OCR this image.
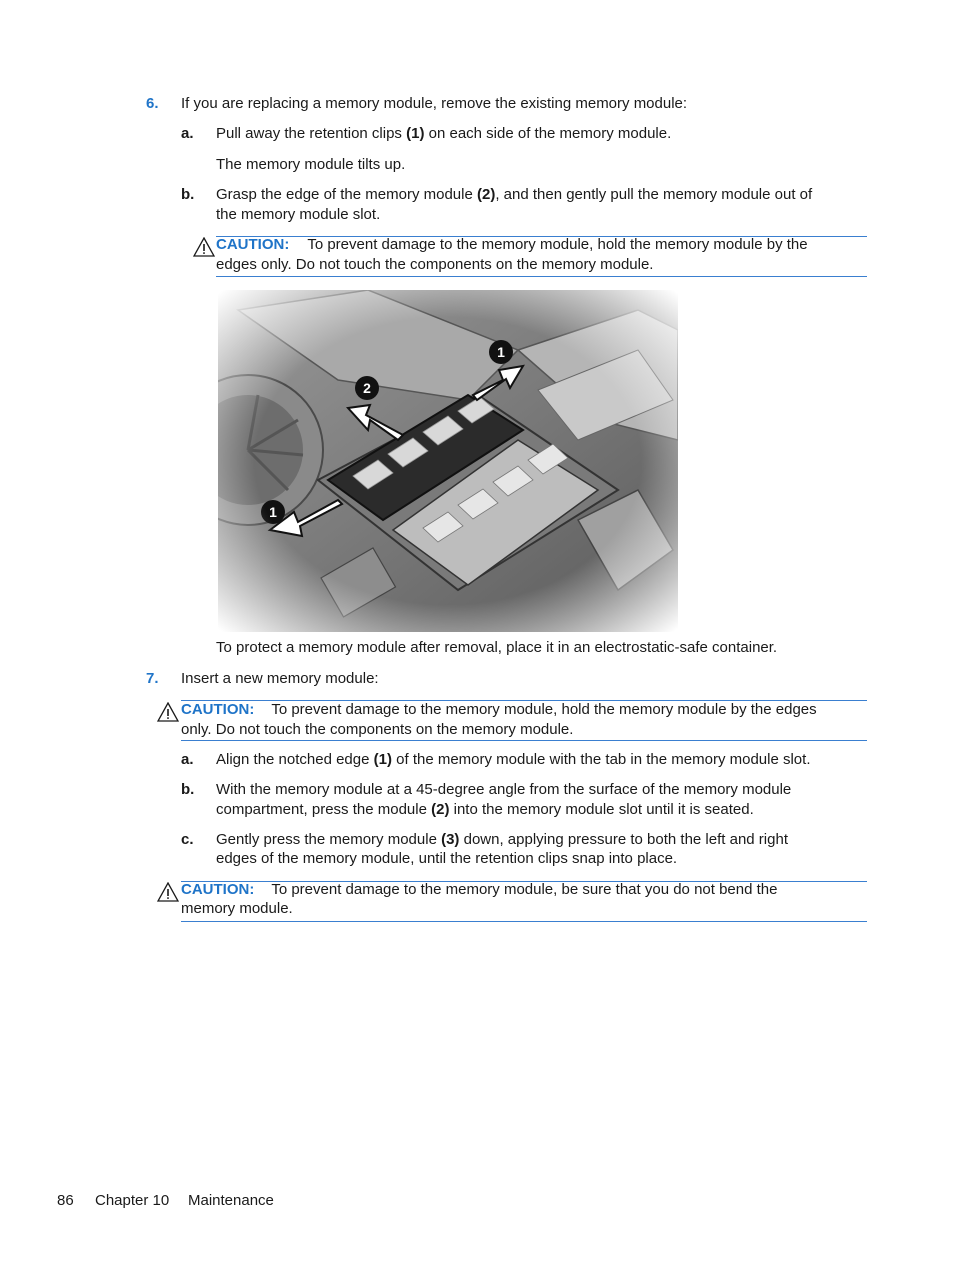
6. If you are replacing a memory module, remove the existing memory module:
a. Pull away the retention clips (1) on each side of the memory module.
The memory module tilts up.
b. Grasp the edge of the memory module (2), and then gently pull the memory module out of
the memory module slot.
CAUTION: To prevent damage to the memory module, hold the memory module by the
edges only. Do not touch the components on the memory module.
To protect a memory module after removal, place it in an electrostatic-safe container.
7. Insert a new memory module:
CAUTION: To prevent damage to the memory module, hold the memory module by the edges
only. Do not touch the components on the memory module.
a. Align the notched edge (1) of the memory module with the tab in the memory module slot.
b. With the memory module at a 45-degree angle from the surface of the memory module
compartment, press the module (2) into the memory module slot until it is seated.
c. Gently press the memory module (3) down, applying pressure to both the left and right
edges of the memory module, until the retention clips snap into place.
CAUTION: To prevent damage to the memory module, be sure that you do not bend the
memory module.
86 Chapter 10 Maintenance
